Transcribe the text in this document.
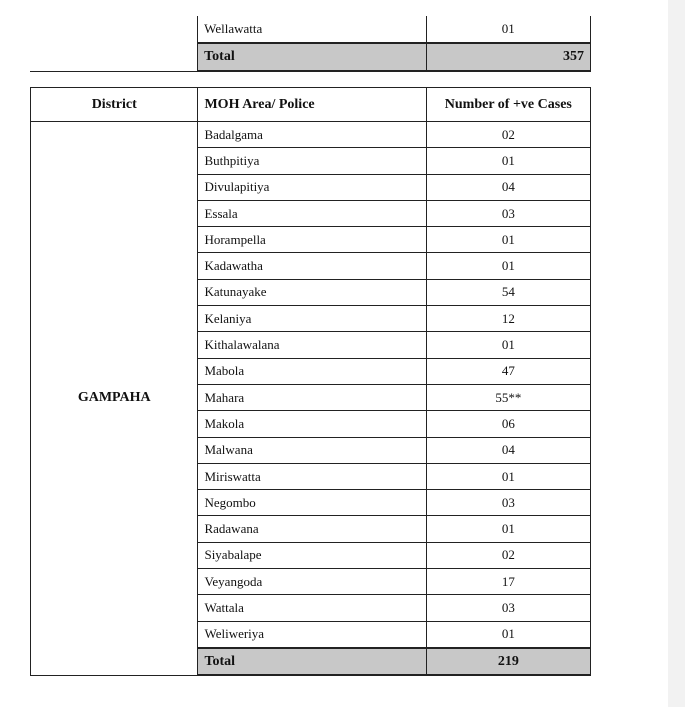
	Wellawatta	01
	Total	357
District	MOH Area/ Police	Number of +ve Cases
GAMPAHA	Badalgama	02
	Buthpitiya	01
	Divulapitiya	04
	Essala	03
	Horampella	01
	Kadawatha	01
	Katunayake	54
	Kelaniya	12
	Kithalawalana	01
	Mabola	47
	Mahara	55**
	Makola	06
	Malwana	04
	Miriswatta	01
	Negombo	03
	Radawana	01
	Siyabalape	02
	Veyangoda	17
	Wattala	03
	Weliweriya	01
	Total	219
